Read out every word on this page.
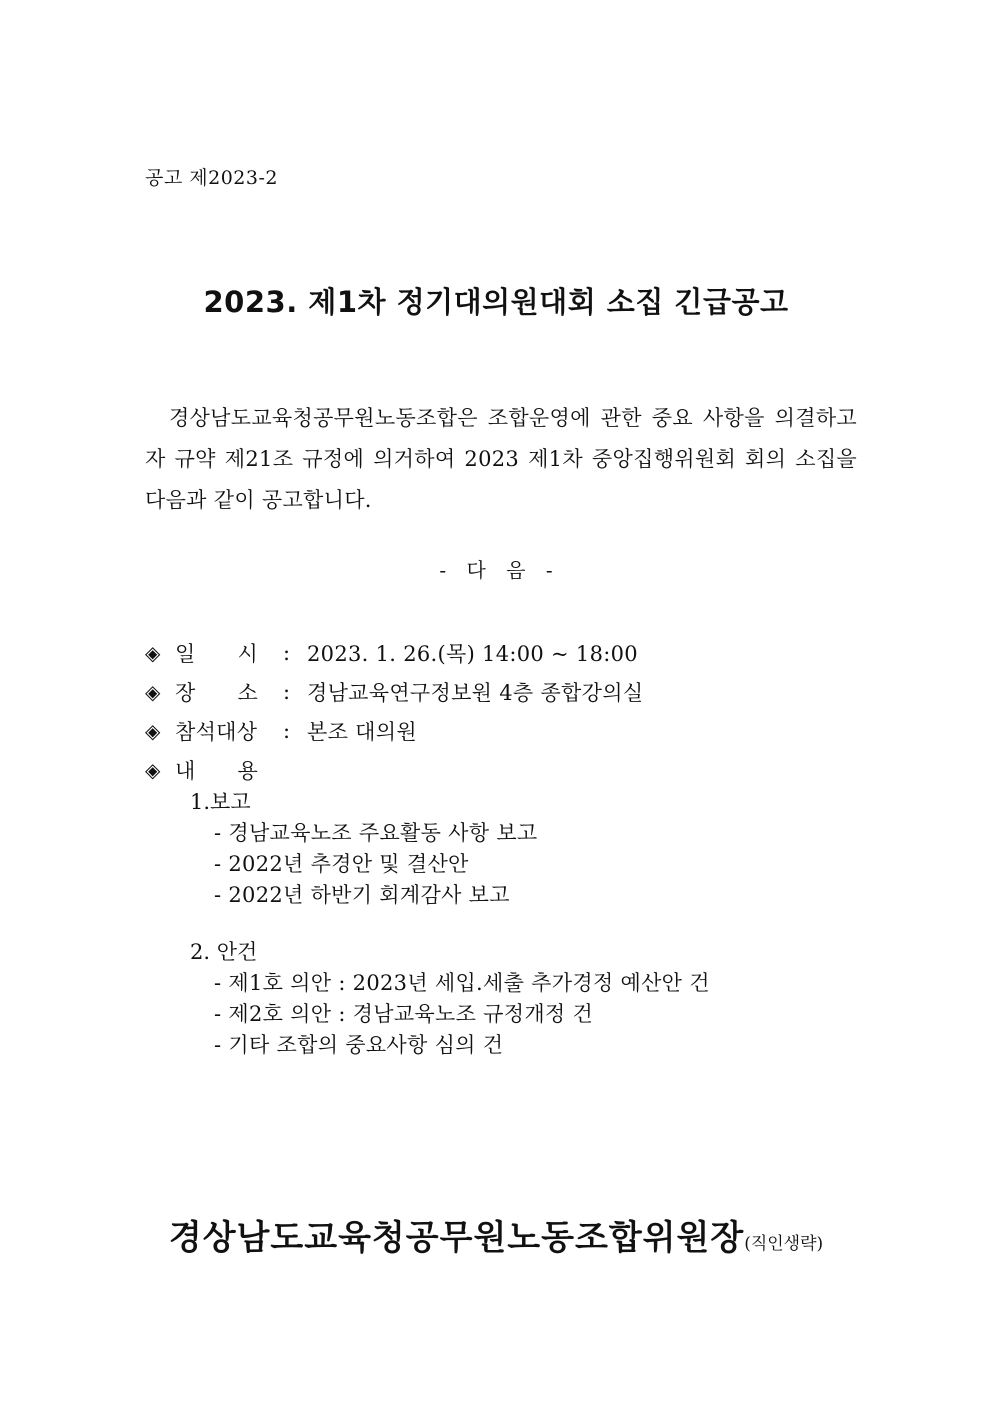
공고 제2023-2
2023. 제1차 정기대의원대회 소집 긴급공고

경상남도교육청공무원노동조합은 조합운영에 관한 중요 사항을 의결하고자 규약 제21조 규정에 의거하여 2023 제1차 중앙집행위원회 회의 소집을 다음과 같이 공고합니다.

- 다 음 -
◈ 일      시	: 2023. 1. 26.(목) 14:00 ~ 18:00
◈ 장      소	: 경남교육연구정보원 4층 종합강의실
◈ 참석대상	: 본조 대의원
◈ 내      용
1.보고
- 경남교육노조 주요활동 사항 보고
- 2022년 추경안 및 결산안
- 2022년 하반기 회계감사 보고
2. 안건
- 제1호 의안 : 2023년 세입.세출 추가경정 예산안 건
- 제2호 의안 : 경남교육노조 규정개정 건
- 기타 조합의 중요사항 심의 건
경상남도교육청공무원노동조합위원장(직인생략)
